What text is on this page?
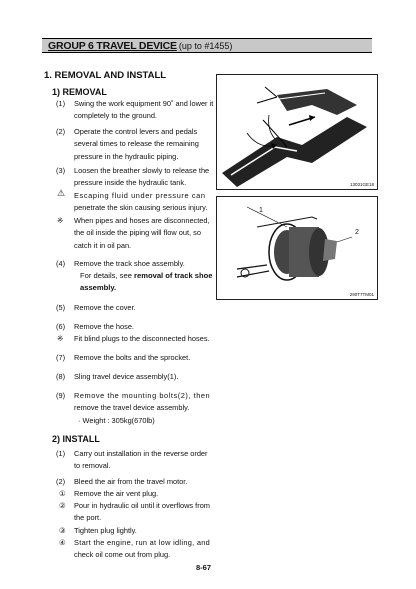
GROUP 6 TRAVEL DEVICE (up to #1455)
1. REMOVAL AND INSTALL
1) REMOVAL
(1) Swing the work equipment 90˚ and lower it
completely to the ground.
(2) Operate the control levers and pedals
several times to release the remaining
pressure in the hydraulic piping.
(3) Loosen the breather slowly to release the
pressure inside the hydraulic tank.
⚠ Escaping fluid under pressure can
penetrate the skin causing serious injury.
※ When pipes and hoses are disconnected,
the oil inside the piping will flow out, so
catch it in oil pan.
(4) Remove the track shoe assembly.
For details, see removal of track shoe
assembly.
(5) Remove the cover.
(6) Remove the hose.
※ Fit blind plugs to the disconnected hoses.
(7) Remove the bolts and the sprocket.
(8) Sling travel device assembly(1).
(9) Remove the mounting bolts(2), then
remove the travel device assembly.
· Weight : 305kg(670lb)
2) INSTALL
(1) Carry out installation in the reverse order
to removal.
(2) Bleed the air from the travel motor.
① Remove the air vent plug.
② Pour in hydraulic oil until it overflows from
the port.
③ Tighten plug lightly.
④ Start the engine, run at low idling, and
check oil come out from plug.
13031GE18
1
2
290T7TM01
8-67
